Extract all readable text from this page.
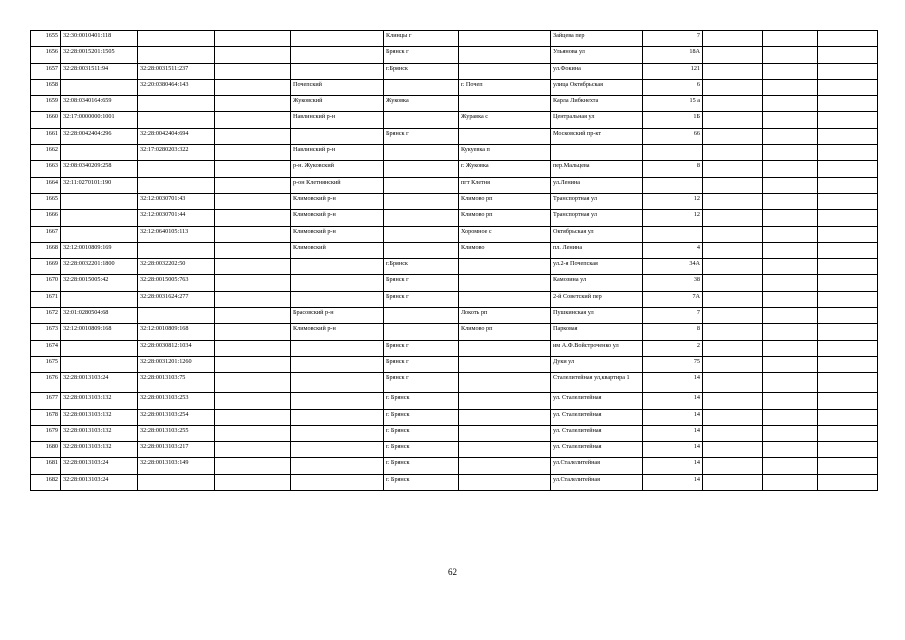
1655	32:30:0010401:118				Клинцы г		Зайцева пер	7			
1656	32:28:0015201:1505				Брянск г		Ульянова ул	18А			
1657	32:28:0031511:94	32:28:0031511:237			г.Брянск		ул.Фокина	121			
1658		32:20:0380464:143		Почепский		г. Почеп	улица Октябрьская	6			
1659	32:08:0340164:659			Жуковский	Жуковка		Карла Либкнехта	15 а			
1660	32:17:0000000:1001			Навлинский р-н		Журавка с	Центральная ул	1Б			
1661	32:28:0042404:296	32:28:0042404:694			Брянск г		Московский пр-кт	66			
1662		32:17:0280203:322		Навлинский р-н		Кукуевка п					
1663	32:08:0340209:258			р-н. Жуковский		г. Жуковка	пер.Мальцева	8			
1664	32:11:0270101:190			р-он Клетнянский		пгт Клетня	ул.Ленина				
1665		32:12:0030701:43		Климовский р-н		Климово рп	Транспортная ул	12			
1666		32:12:0030701:44		Климовский р-н		Климово рп	Транспортная ул	12			
1667		32:12:0640105:113		Климовский р-н		Хоромное с	Октябрьская ул				
1668	32:12:0010809:169			Климовский		Климово	пл. Ленина	4			
1669	32:28:0032201:1800	32:28:0032202:50			г.Брянск		ул.2-я Почепская	34А			
1670	32:28:0015005:42	32:28:0015005:763			Брянск г		Камозина ул	38			
1671		32:28:0031624:277			Брянск г		2-й Советский пер	7А			
1672	32:01:0280504:68			Брасовский р-н		Локоть рп	Пушкинская ул	7			
1673	32:12:0010809:168	32:12:0010809:168		Климовский р-н		Климово рп	Парковая	8			
1674		32:28:0030812:1034			Брянск г		им А.Ф.Войстроченко ул	2			
1675		32:28:0031201:1260			Брянск г		Дуки ул	75			
1676	32:28:0013103:24	32:28:0013103:75			Брянск г		Сталелитейная ул,квартира 1	14			
1677	32:28:0013103:132	32:28:0013103:253			г. Брянск		ул. Сталелитейная	14			
1678	32:28:0013103:132	32:28:0013103:254			г. Брянск		ул. Сталелитейная	14			
1679	32:28:0013103:132	32:28:0013103:255			г. Брянск		ул. Сталелитейная	14			
1680	32:28:0013103:132	32:28:0013103:217			г. Брянск		ул. Сталелитейная	14			
1681	32:28:0013103:24	32:28:0013103:149			г. Брянск		ул.Сталелитейная	14			
1682	32:28:0013103:24				г. Брянск		ул.Сталелитейная	14			
62
